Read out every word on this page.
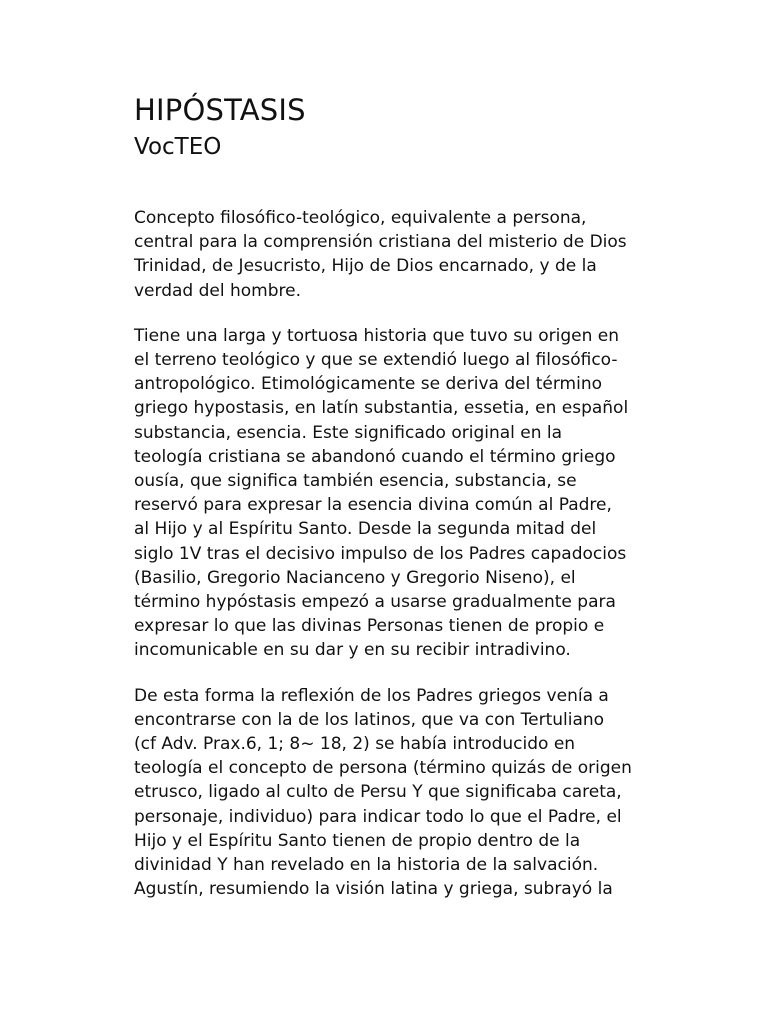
HIPÓSTASIS
VocTEO

Concepto filosófico-teológico, equivalente a persona,
central para la comprensión cristiana del misterio de Dios
Trinidad, de Jesucristo, Hijo de Dios encarnado, y de la
verdad del hombre.

Tiene una larga y tortuosa historia que tuvo su origen en
el terreno teológico y que se extendió luego al filosófico-
antropológico. Etimológicamente se deriva del término
griego hypostasis, en latín substantia, essetia, en español
substancia, esencia. Este significado original en la
teología cristiana se abandonó cuando el término griego
ousía, que significa también esencia, substancia, se
reservó para expresar la esencia divina común al Padre,
al Hijo y al Espíritu Santo. Desde la segunda mitad del
siglo 1V tras el decisivo impulso de los Padres capadocios
(Basilio, Gregorio Nacianceno y Gregorio Niseno), el
término hypóstasis empezó a usarse gradualmente para
expresar lo que las divinas Personas tienen de propio e
incomunicable en su dar y en su recibir intradivino.

De esta forma la reflexión de los Padres griegos venía a
encontrarse con la de los latinos, que va con Tertuliano
(cf Adv. Prax.6, 1; 8~ 18, 2) se había introducido en
teología el concepto de persona (término quizás de origen
etrusco, ligado al culto de Persu Y que significaba careta,
personaje, individuo) para indicar todo lo que el Padre, el
Hijo y el Espíritu Santo tienen de propio dentro de la
divinidad Y han revelado en la historia de la salvación.
Agustín, resumiendo la visión latina y griega, subrayó la
